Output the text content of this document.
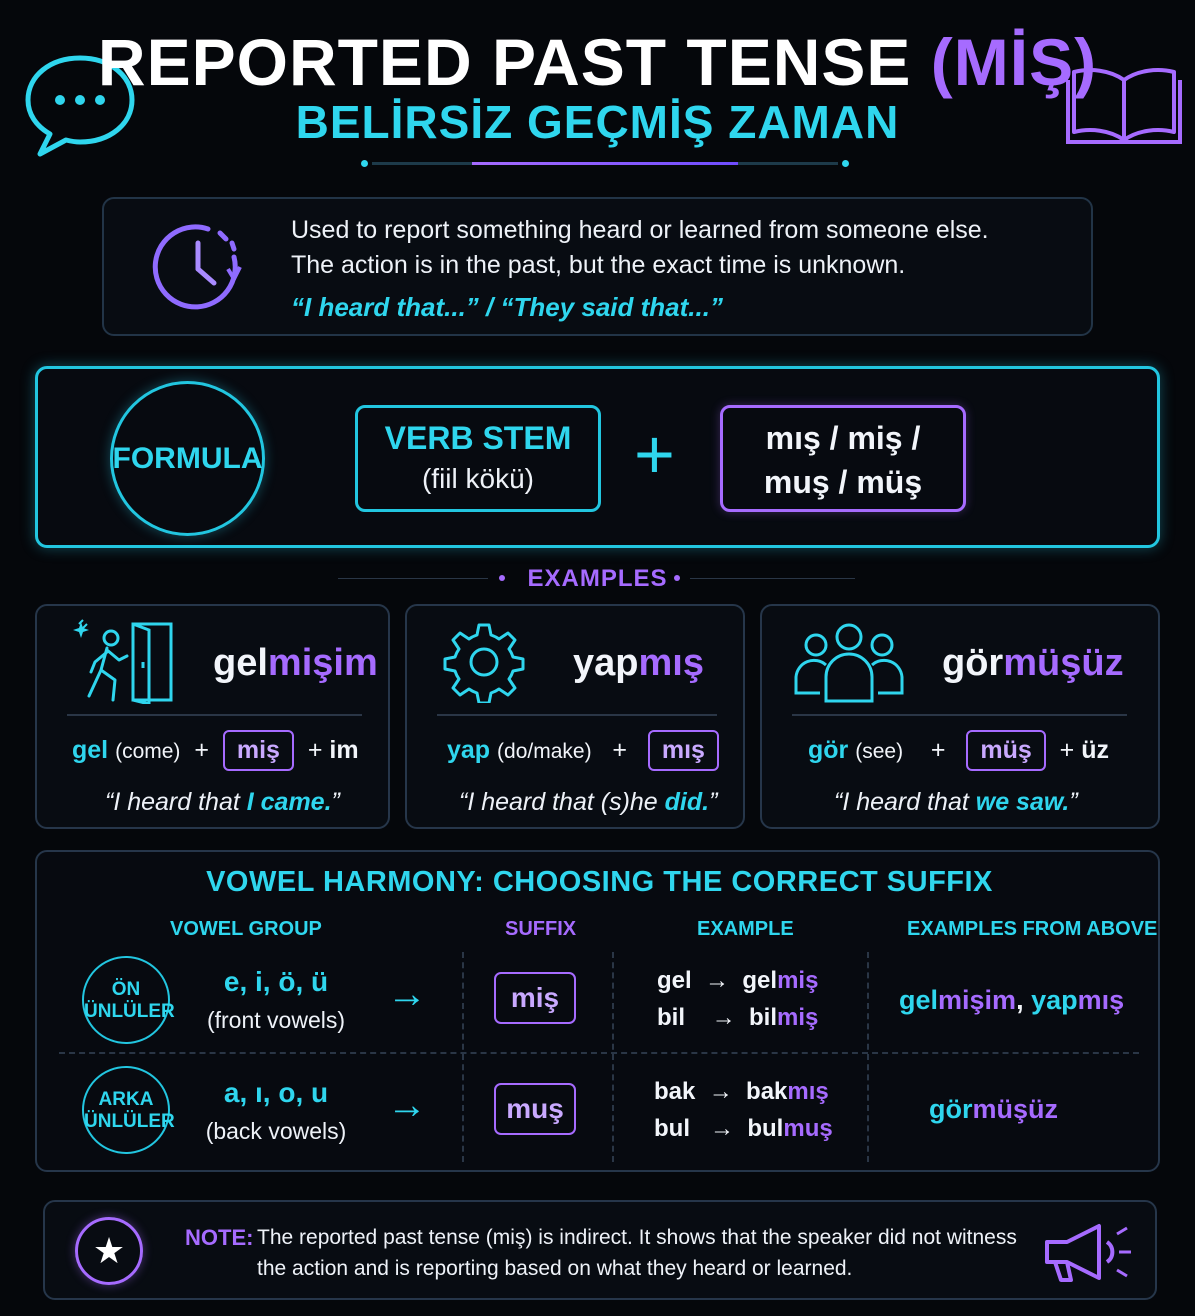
REPORTED PAST TENSE (MİŞ)
BELİRSİZ GEÇMİŞ ZAMAN
Used to report something heard or learned from someone else.
The action is in the past, but the exact time is unknown.
“I heard that...” / “They said that...”
FORMULA
VERB STEM
(fiil kökü)	+	mış / miş /
muş / müş
EXAMPLES
gelmişim
gel (come) + miş + im
“I heard that I came.”
yapmış
yap (do/make) + mış
“I heard that (s)he did.”
görmüşüz
gör (see) + müş + üz
“I heard that we saw.”
VOWEL HARMONY: CHOOSING THE CORRECT SUFFIX
VOWEL GROUP	SUFFIX	EXAMPLE	EXAMPLES FROM ABOVE
ÖN
ÜNLÜLER
e, i, ö, ü
(front vowels)
→	miş
gel → gelmiş
bil → bilmiş
gelmişim, yapmış
ARKA
ÜNLÜLER
a, ı, o, u
(back vowels)
→	muş
bak → bakmış
bul → bulmuş
görmüşüz
★	NOTE: The reported past tense (miş) is indirect. It shows that the speaker did not witness
the action and is reporting based on what they heard or learned.
